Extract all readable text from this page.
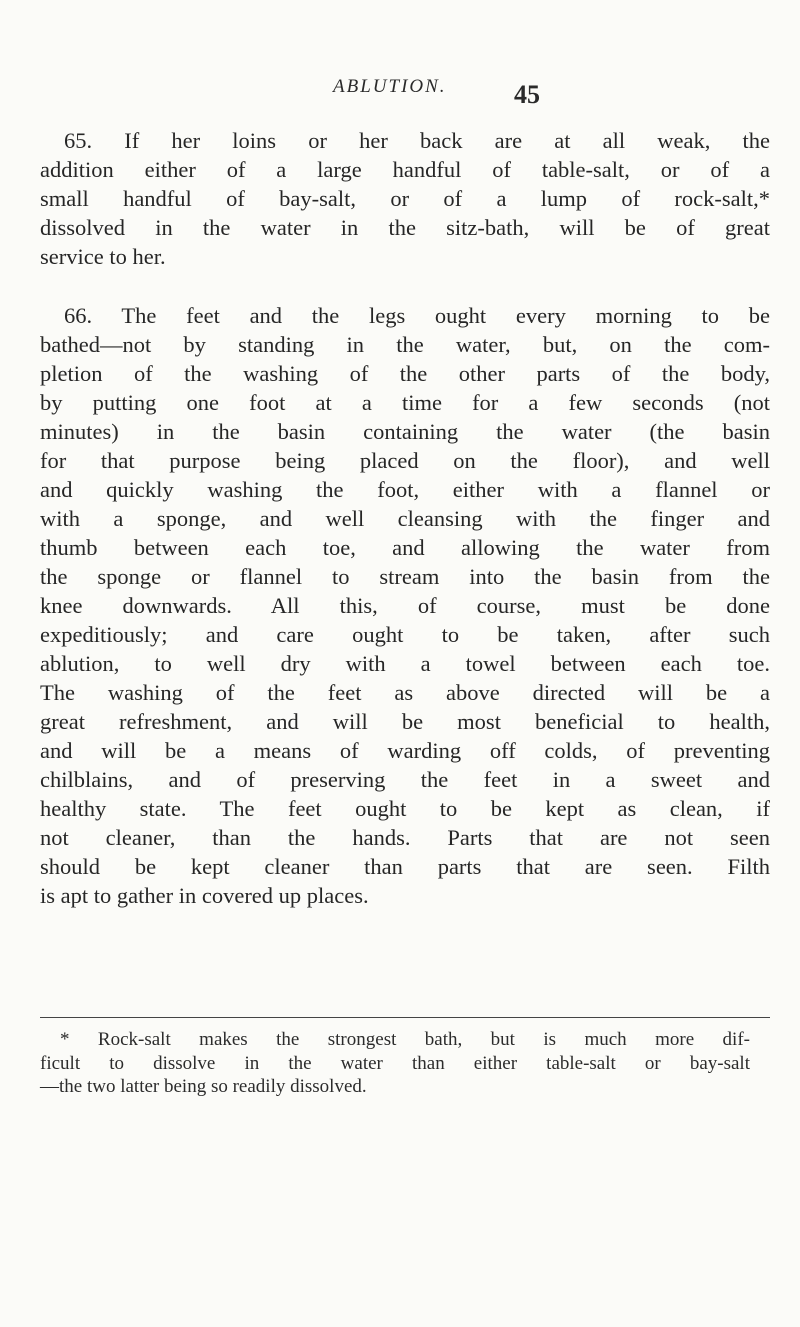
ABLUTION.	45
65. If her loins or her back are at all weak, the
addition either of a large handful of table-salt, or of a
small handful of bay-salt, or of a lump of rock-salt,*
dissolved in the water in the sitz-bath, will be of great
service to her.
66. The feet and the legs ought every morning to be
bathed—not by standing in the water, but, on the com-
pletion of the washing of the other parts of the body,
by putting one foot at a time for a few seconds (not
minutes) in the basin containing the water (the basin
for that purpose being placed on the floor), and well
and quickly washing the foot, either with a flannel or
with a sponge, and well cleansing with the finger and
thumb between each toe, and allowing the water from
the sponge or flannel to stream into the basin from the
knee downwards. All this, of course, must be done
expeditiously; and care ought to be taken, after such
ablution, to well dry with a towel between each toe.
The washing of the feet as above directed will be a
great refreshment, and will be most beneficial to health,
and will be a means of warding off colds, of preventing
chilblains, and of preserving the feet in a sweet and
healthy state. The feet ought to be kept as clean, if
not cleaner, than the hands. Parts that are not seen
should be kept cleaner than parts that are seen. Filth
is apt to gather in covered up places.
* Rock-salt makes the strongest bath, but is much more dif-
ficult to dissolve in the water than either table-salt or bay-salt
—the two latter being so readily dissolved.
